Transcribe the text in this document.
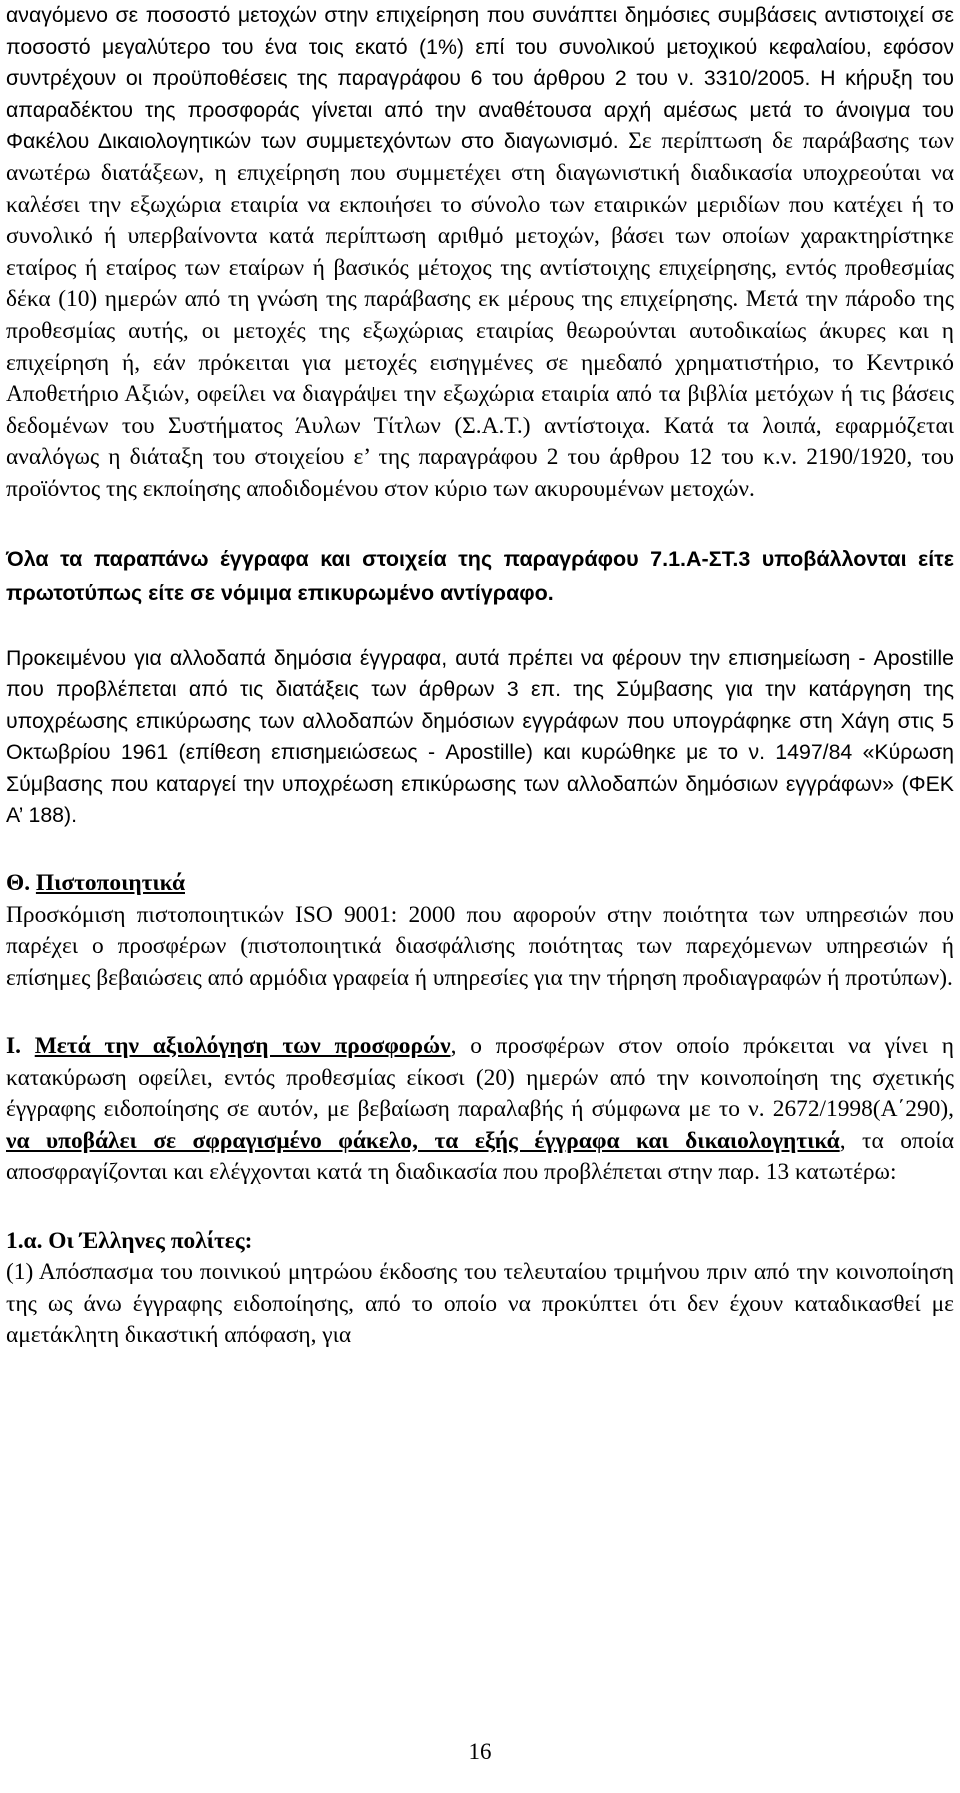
αναγόμενο σε ποσοστό μετοχών στην επιχείρηση που συνάπτει δημόσιες συμβάσεις αντιστοιχεί σε ποσοστό μεγαλύτερο του ένα τοις εκατό (1%) επί του συνολικού μετοχικού κεφαλαίου, εφόσον συντρέχουν οι προϋποθέσεις της παραγράφου 6 του άρθρου 2 του ν. 3310/2005. Η κήρυξη του απαραδέκτου της προσφοράς γίνεται από την αναθέτουσα αρχή αμέσως μετά το άνοιγμα του Φακέλου Δικαιολογητικών των συμμετεχόντων στο διαγωνισμό. Σε περίπτωση δε παράβασης των ανωτέρω διατάξεων, η επιχείρηση που συμμετέχει στη διαγωνιστική διαδικασία υποχρεούται να καλέσει την εξωχώρια εταιρία να εκποιήσει το σύνολο των εταιρικών μεριδίων που κατέχει ή το συνολικό ή υπερβαίνοντα κατά περίπτωση αριθμό μετοχών, βάσει των οποίων χαρακτηρίστηκε εταίρος ή εταίρος των εταίρων ή βασικός μέτοχος της αντίστοιχης επιχείρησης, εντός προθεσμίας δέκα (10) ημερών από τη γνώση της παράβασης εκ μέρους της επιχείρησης. Μετά την πάροδο της προθεσμίας αυτής, οι μετοχές της εξωχώριας εταιρίας θεωρούνται αυτοδικαίως άκυρες και η επιχείρηση ή, εάν πρόκειται για μετοχές εισηγμένες σε ημεδαπό χρηματιστήριο, το Κεντρικό Αποθετήριο Αξιών, οφείλει να διαγράψει την εξωχώρια εταιρία από τα βιβλία μετόχων ή τις βάσεις δεδομένων του Συστήματος Άυλων Τίτλων (Σ.Α.Τ.) αντίστοιχα. Κατά τα λοιπά, εφαρμόζεται αναλόγως η διάταξη του στοιχείου ε’ της παραγράφου 2 του άρθρου 12 του κ.ν. 2190/1920, του προϊόντος της εκποίησης αποδιδομένου στον κύριο των ακυρουμένων μετοχών.

Όλα τα παραπάνω έγγραφα και στοιχεία της παραγράφου 7.1.Α-ΣΤ.3 υποβάλλονται είτε πρωτοτύπως είτε σε νόμιμα επικυρωμένο αντίγραφο.

Προκειμένου για αλλοδαπά δημόσια έγγραφα, αυτά πρέπει να φέρουν την επισημείωση - Apostille που προβλέπεται από τις διατάξεις των άρθρων 3 επ. της Σύμβασης για την κατάργηση της υποχρέωσης επικύρωσης των αλλοδαπών δημόσιων εγγράφων που υπογράφηκε στη Χάγη στις 5 Οκτωβρίου 1961 (επίθεση επισημειώσεως - Apostille) και κυρώθηκε με το ν. 1497/84 «Κύρωση Σύμβασης που καταργεί την υποχρέωση επικύρωσης των αλλοδαπών δημόσιων εγγράφων» (ΦΕΚ Α’ 188).

Θ. Πιστοποιητικά

Προσκόμιση πιστοποιητικών ISO 9001: 2000 που αφορούν στην ποιότητα των υπηρεσιών που παρέχει ο προσφέρων (πιστοποιητικά διασφάλισης ποιότητας των παρεχόμενων υπηρεσιών ή επίσημες βεβαιώσεις από αρμόδια γραφεία ή υπηρεσίες για την τήρηση προδιαγραφών ή προτύπων).

Ι. Μετά την αξιολόγηση των προσφορών, ο προσφέρων στον οποίο πρόκειται να γίνει η κατακύρωση οφείλει, εντός προθεσμίας είκοσι (20) ημερών από την κοινοποίηση της σχετικής έγγραφης ειδοποίησης σε αυτόν, με βεβαίωση παραλαβής ή σύμφωνα με το ν. 2672/1998(Α΄290), να υποβάλει σε σφραγισμένο φάκελο, τα εξής έγγραφα και δικαιολογητικά, τα οποία αποσφραγίζονται και ελέγχονται κατά τη διαδικασία που προβλέπεται στην παρ. 13 κατωτέρω:

1.α. Οι Έλληνες πολίτες:

(1) Απόσπασμα του ποινικού μητρώου έκδοσης του τελευταίου τριμήνου πριν από την κοινοποίηση της ως άνω έγγραφης ειδοποίησης, από το οποίο να προκύπτει ότι δεν έχουν καταδικασθεί με αμετάκλητη δικαστική απόφαση, για

16
